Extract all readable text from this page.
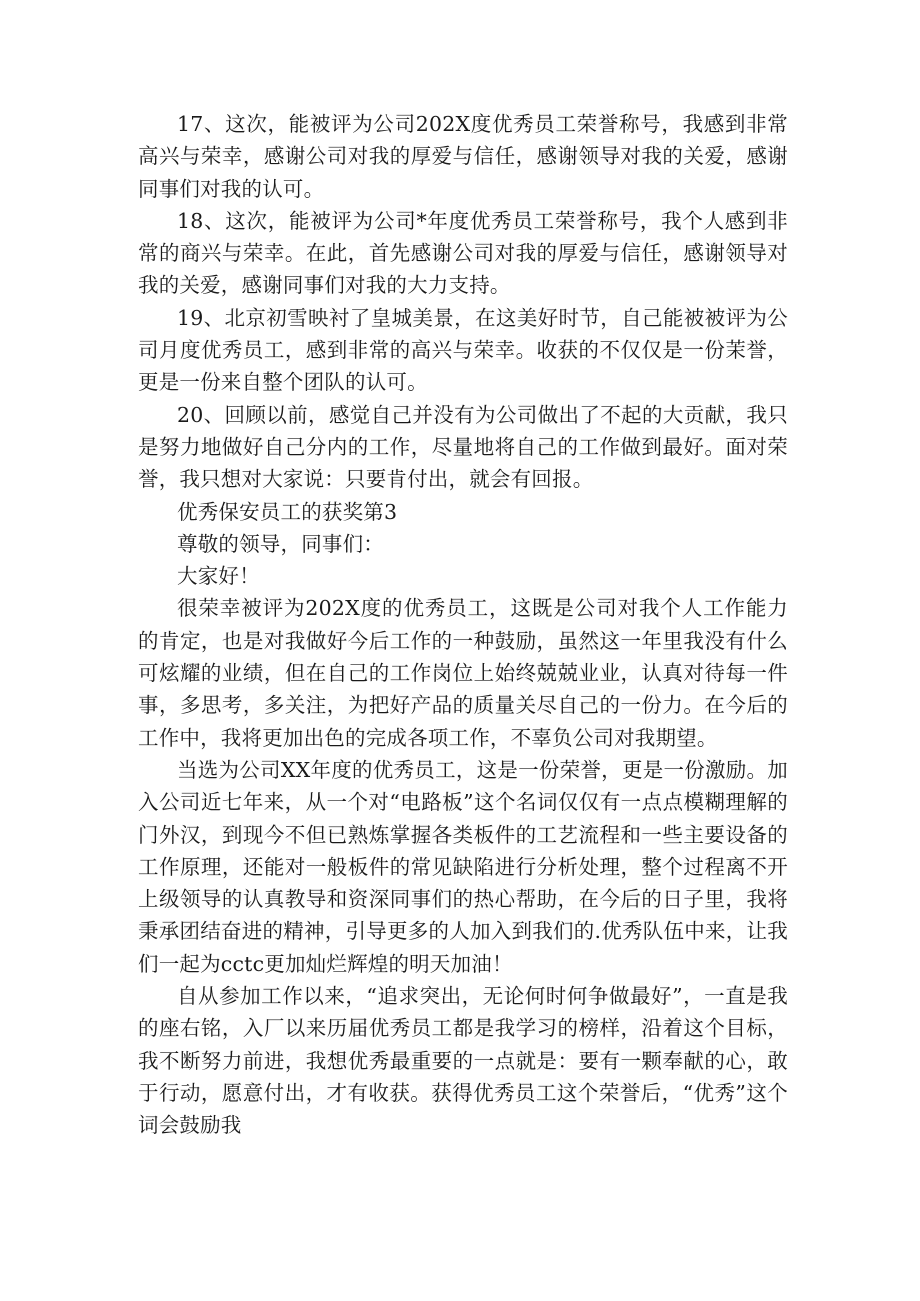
17、这次，能被评为公司202X度优秀员工荣誉称号，我感到非常高兴与荣幸，感谢公司对我的厚爱与信任，感谢领导对我的关爱，感谢同事们对我的认可。

18、这次，能被评为公司*年度优秀员工荣誉称号，我个人感到非常的商兴与荣幸。在此，首先感谢公司对我的厚爱与信任，感谢领导对我的关爱，感谢同事们对我的大力支持。

19、北京初雪映衬了皇城美景，在这美好时节，自己能被被评为公司月度优秀员工，感到非常的高兴与荣幸。收获的不仅仅是一份茉誉，更是一份来自整个团队的认可。

20、回顾以前，感觉自己并没有为公司做出了不起的大贡献，我只是努力地做好自己分内的工作，尽量地将自己的工作做到最好。面对荣誉，我只想对大家说：只要肯付出，就会有回报。

优秀保安员工的获奖第3

尊敬的领导，同事们：

大家好！

很荣幸被评为202X度的优秀员工，这既是公司对我个人工作能力的肯定，也是对我做好今后工作的一种鼓励，虽然这一年里我没有什么可炫耀的业绩，但在自己的工作岗位上始终兢兢业业，认真对待每一件事，多思考，多关注，为把好产品的质量关尽自己的一份力。在今后的工作中，我将更加出色的完成各项工作，不辜负公司对我期望。

当选为公司XX年度的优秀员工，这是一份荣誉，更是一份激励。加入公司近七年来，从一个对“电路板”这个名词仅仅有一点点模糊理解的门外汉，到现今不但已熟炼掌握各类板件的工艺流程和一些主要设备的工作原理，还能对一般板件的常见缺陷进行分析处理，整个过程离不开上级领导的认真教导和资深同事们的热心帮助，在今后的日子里，我将秉承团结奋进的精神，引导更多的人加入到我们的.优秀队伍中来，让我们一起为cctc更加灿烂辉煌的明天加油！

自从参加工作以来，“追求突出，无论何时何争做最好”，一直是我的座右铭，入厂以来历届优秀员工都是我学习的榜样，沿着这个目标，我不断努力前进，我想优秀最重要的一点就是：要有一颗奉献的心，敢于行动，愿意付出，才有收获。获得优秀员工这个荣誉后，“优秀”这个词会鼓励我
